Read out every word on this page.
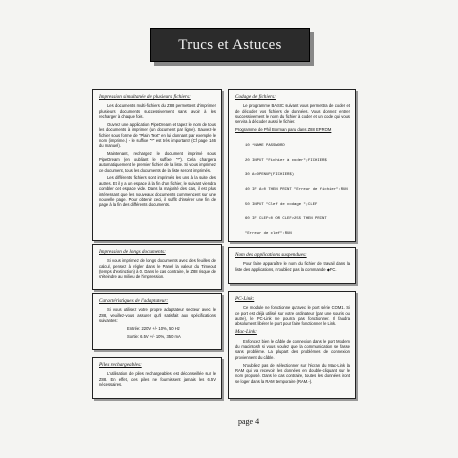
Trucs et Astuces
Impression simultanée de plusieurs fichiers:

Les documents multi-fichiers du Z88 permettent d'imprimer plusieurs documents successivement sans avoir à les recharger à chaque fois.

Ouvrez une application PipeDream et tapez le nom de tous les documents à imprimer (un document par ligne). Sauvez-le fichier sous forme de "Plain Text" en lui donnant par exemple le nom (imprime.) - le suffixe "*" est très important! (Cf page 146 du manuel).

Maintenant, rechargez le document imprimé sous PipeDream (en oubliant le suffixe "*"). Cela chargera automatiquement le premier fichier de la liste. Si vous imprimez ce document, tous les documents de la liste seront imprimés.

Les différents fichiers sont imprimés les uns à la suite des autres. Et il y a un espace à la fin d'un fichier, le suivant viendra combler cet espace vide. Dans la majorité des cas, il est plus intéressant que les nouveaux documents commencent sur une nouvelle page. Pour obtenir ceci, il suffit d'insérer une fin de page à la fin des différents documents.

Impression de longs documents:

Si vous imprimez de longs documents avec des feuilles de calcul, pensez à régler dans le Panel la valeur du Timeout (temps d'extinction) à 0. Dans le cas contraire, le Z88 risque de s'éteindre au milieu de l'impression.

Caractéristiques de l'adaptateur:

Si vous utilisez votre propre adaptateur secteur avec le Z88, veuillez-vous assurer qu'il satisfait aux spécifications suivantes:

Entrée: 220V +/- 10%, 50 Hz

Sortie: 6.5V +/- 10%, 350 mA

Piles rechargeables:

L'utilisation de piles rechargeables est déconseillée sur le Z88. En effet, ces piles ne fournissent jamais les 6.5V nécessaires.

Codage de fichiers:

Le programme BASIC suivant vous permettra de coder et de décoder vos fichiers de données. Vous donnez entrer successivement le nom du fichier à coder et un code qui vous servira à décoder aussi le fichier.

Programme de Phil Borman paru dans Z88 EPROM

10 *NAME PASSWORD

20 INPUT "Fichier à coder";FICHIER$

30 A=OPENUP(FICHIER$)

40 IF A=0 THEN PRINT "Erreur de fichier":RUN

50 INPUT "Clef de codage ";CLEF

60 IF CLEF<0 OR CLEF>255 THEN PRINT

"Erreur de clef":RUN

Nom des applications suspendues:

Pour faire apparaître le nom du fichier de travail dans la liste des applications, n'oubliez pas la commande ◆FC.

PC-Link:

Ce module ne fonctionne qu'avec le port série COM1. Si ce port est déjà utilisé sur votre ordinateur (par une souris ou autre), le PC-Link ne pourra pas fonctionner. Il faudra absolument libérer le port pour faire fonctionner le Link.

Mac-Link:

Enfoncez bien le câble de connexion dans le port Modem du macintosh si vous voulez que la communication se fasse sans problème. La plupart des problèmes de connexion proviennent du câble.

N'oubliez pas de sélectionner sur l'écran du Mac-Link la RAM qui va recevoir les données en double-cliquant sur le nom proposé. Dans le cas contraire, toutes les données iront se loger dans la RAM temporaire (RAM.-).

page 4
